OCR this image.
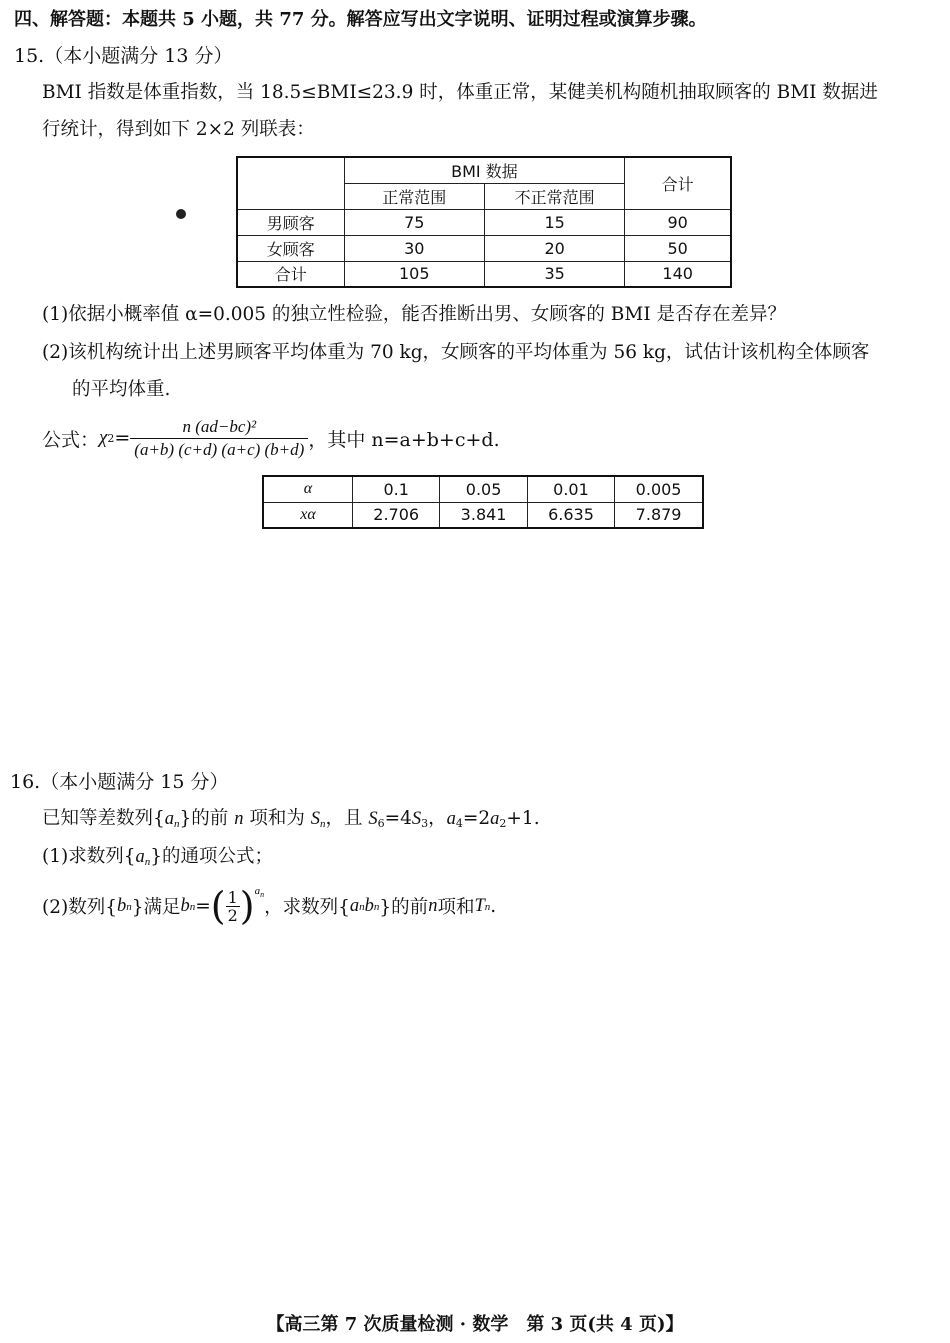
四、解答题：本题共 5 小题，共 77 分。解答应写出文字说明、证明过程或演算步骤。
15.（本小题满分 13 分）
BMI 指数是体重指数，当 18.5≤BMI≤23.9 时，体重正常，某健美机构随机抽取顾客的 BMI 数据进
行统计，得到如下 2×2 列联表：
	BMI 数据		合计
	正常范围	不正常范围	
男顾客	75	15	90
女顾客	30	20	50
合计	105	35	140
(1)依据小概率值 α=0.005 的独立性检验，能否推断出男、女顾客的 BMI 是否存在差异？
(2)该机构统计出上述男顾客平均体重为 70 kg，女顾客的平均体重为 56 kg，试估计该机构全体顾客
的平均体重.
公式： χ $2 = \frac{\text{n (ad−bc)²}}{(a+b) (c+d) (a+c) (b+d)}$ ，其中 n=a+b+c+d.
α	0.1	0.05	0.01	0.005
xα	2.706	3.841	6.635	7.879
16.（本小题满分 15 分）
已知等差数列$\{a_n\}$的前 n 项和为 $S_n$，且 $S_6=4S_3$，$a_4=2a_2+1$.
(1)求数列$\{a_n\}$的通项公式；
(2)数列{ b n }满足 b n = ( $\frac{1}{2}$ ) $a_n$
，求数列{ a n b n }的前 n 项和 T n .
【高三第 7 次质量检测 · 数学　第 3 页(共 4 页)】
